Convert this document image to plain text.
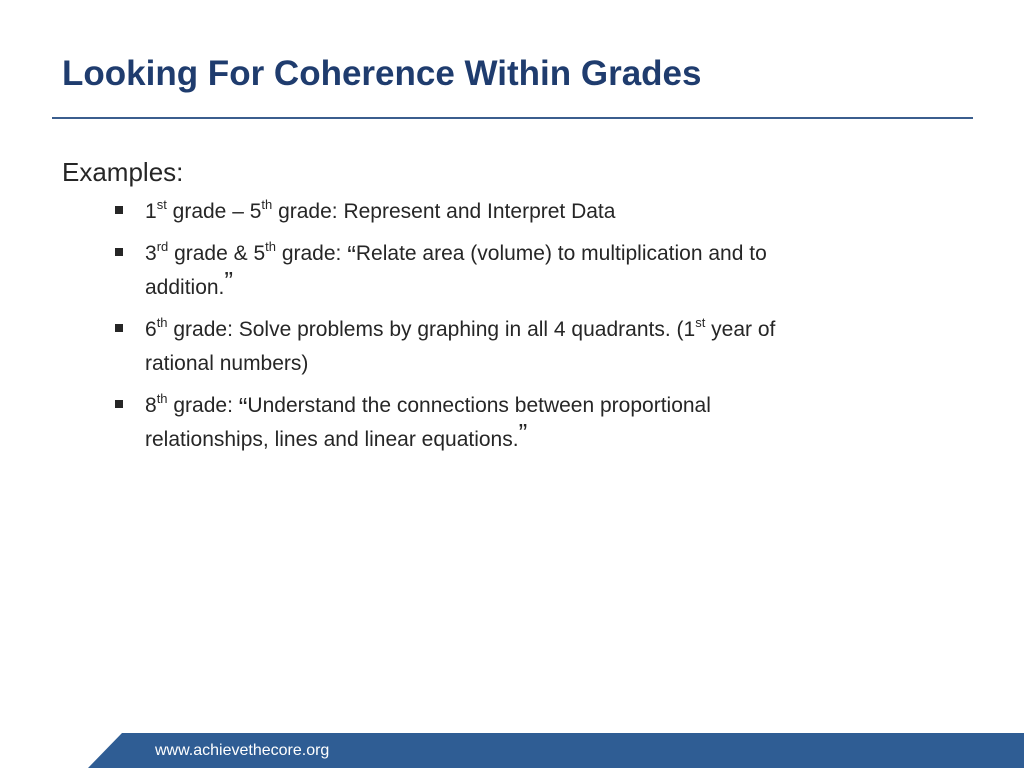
Looking For Coherence Within Grades
Examples:
1st grade – 5th grade: Represent and Interpret Data
3rd grade & 5th grade: “Relate area (volume) to multiplication and to
addition.”
6th grade: Solve problems by graphing in all 4 quadrants. (1st year of
rational numbers)
8th grade: “Understand the connections between proportional
relationships, lines and linear equations.”
www.achievethecore.org
